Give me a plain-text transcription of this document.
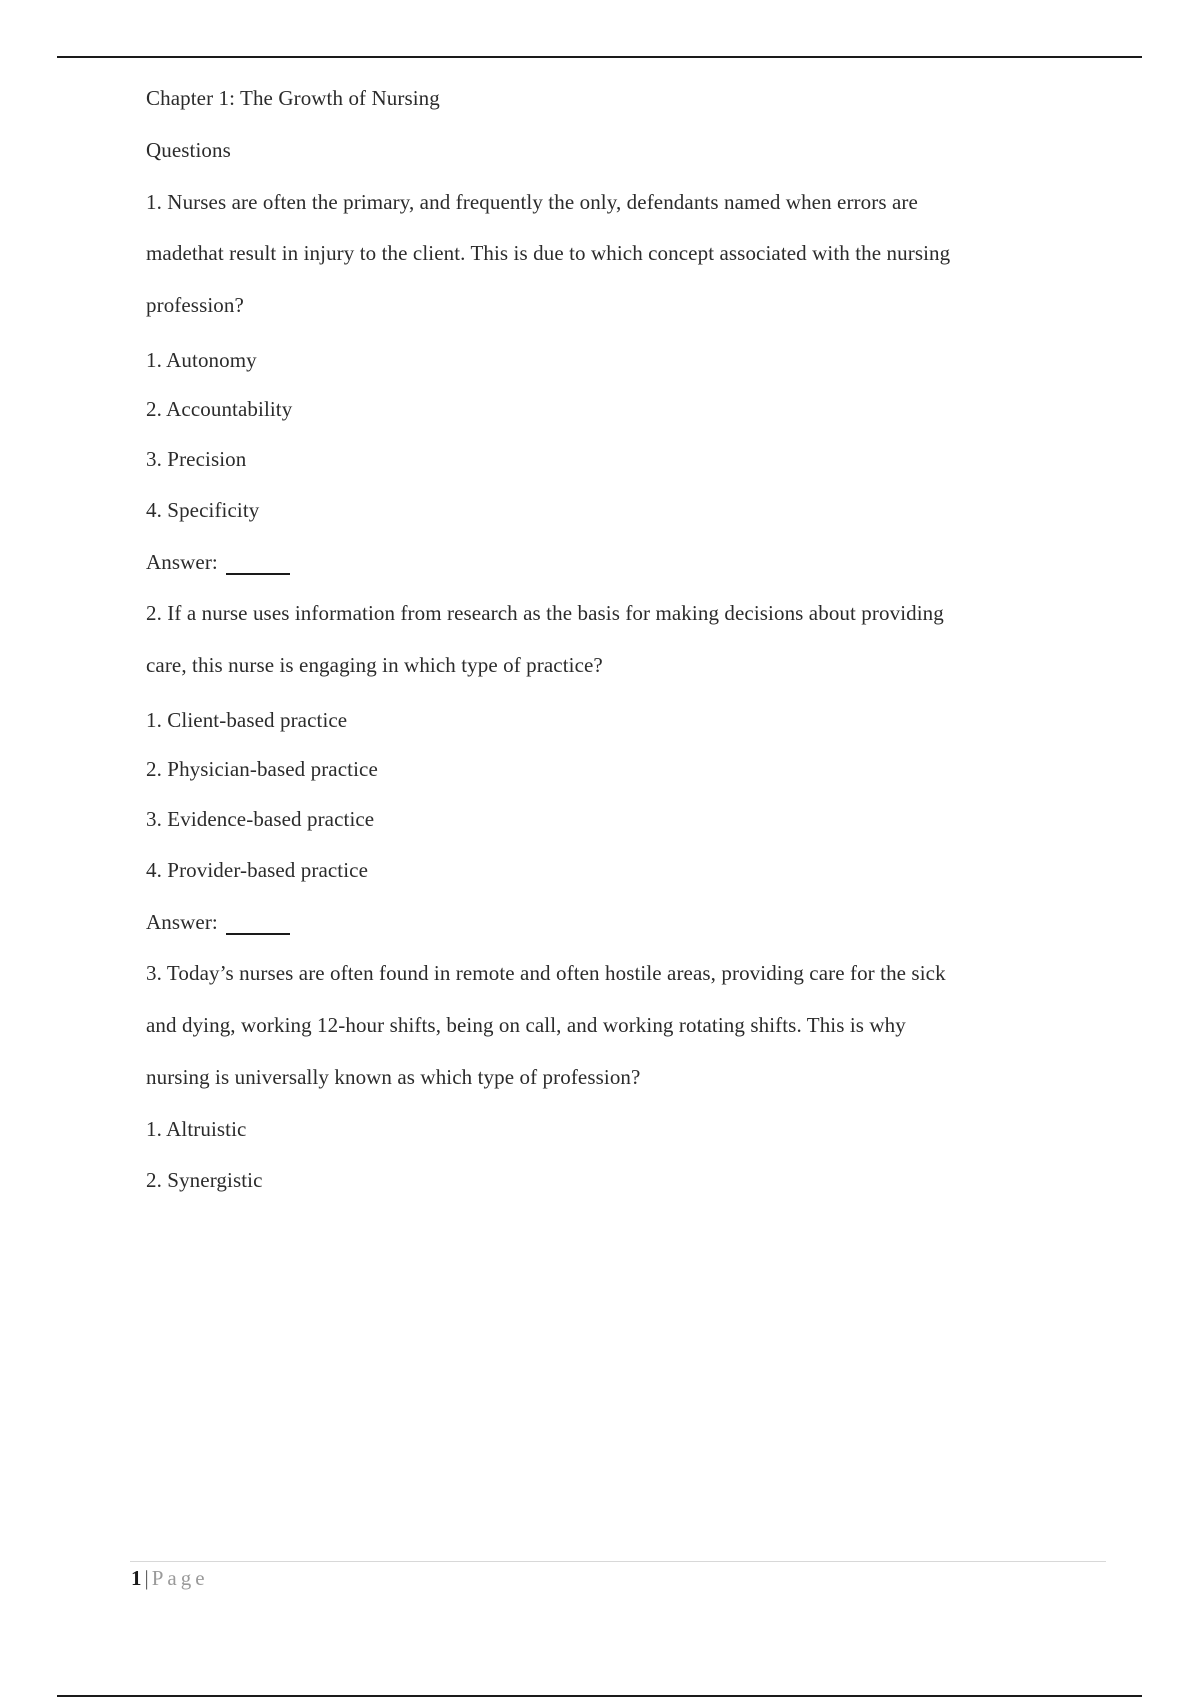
Chapter 1: The Growth of Nursing
Questions
1. Nurses are often the primary, and frequently the only, defendants named when errors are
madethat result in injury to the client. This is due to which concept associated with the nursing
profession?
1. Autonomy
2. Accountability
3. Precision
4. Specificity
Answer:
2. If a nurse uses information from research as the basis for making decisions about providing
care, this nurse is engaging in which type of practice?
1. Client-based practice
2. Physician-based practice
3. Evidence-based practice
4. Provider-based practice
Answer:
3. Today’s nurses are often found in remote and often hostile areas, providing care for the sick
and dying, working 12-hour shifts, being on call, and working rotating shifts. This is why
nursing is universally known as which type of profession?
1. Altruistic
2. Synergistic
1 | Page
